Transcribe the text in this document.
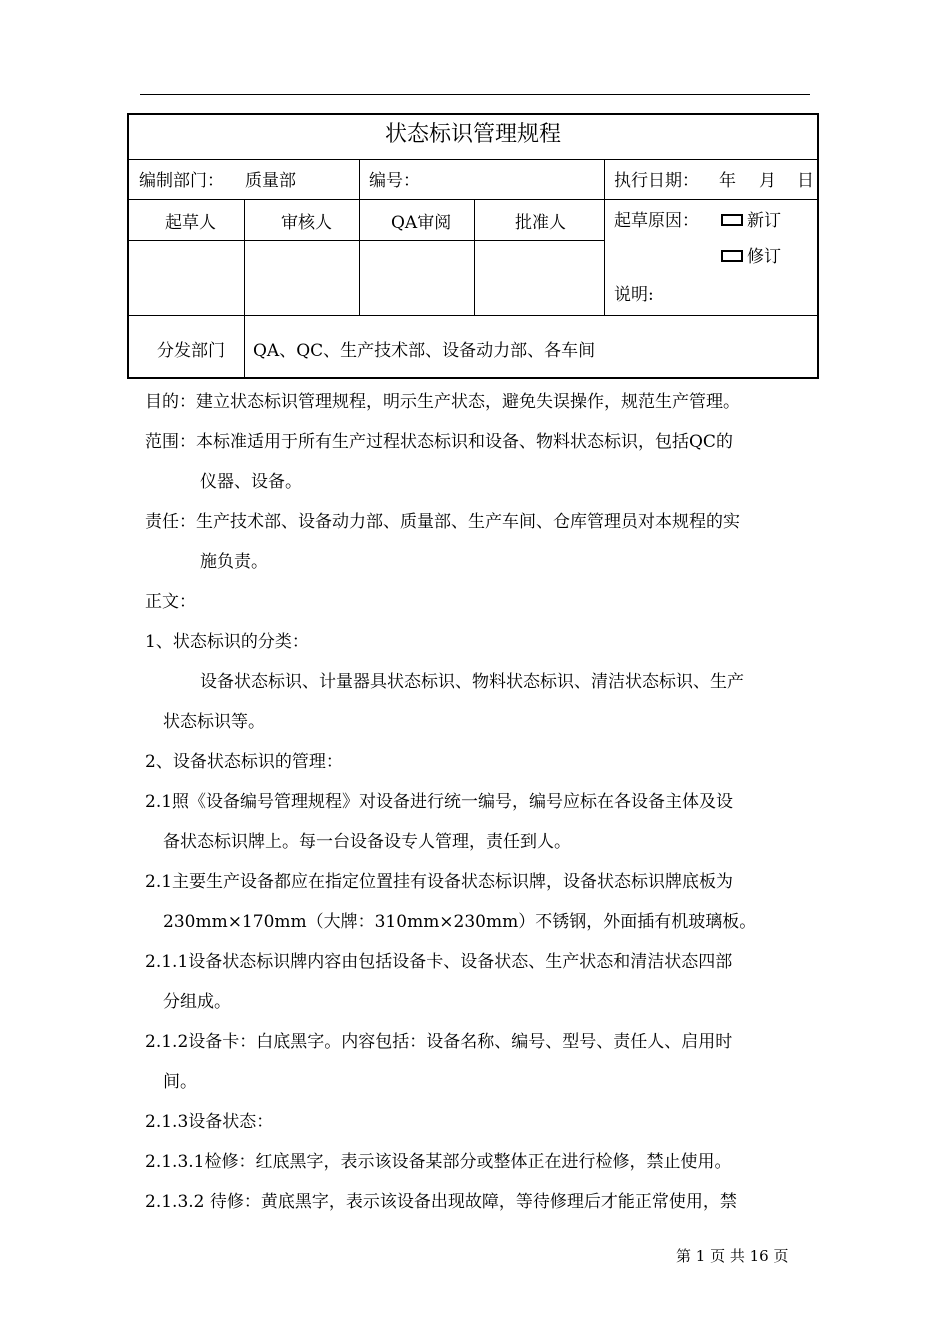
状态标识管理规程
编制部门： 质量部	编号：	执行日期： 年 月 日
起草人	审核人	QA审阅	批准人	起草原因：	新订
修订
说明:
分发部门 QA、QC、生产技术部、设备动力部、各车间
目的：建立状态标识管理规程，明示生产状态，避免失误操作，规范生产管理。
范围：本标准适用于所有生产过程状态标识和设备、物料状态标识，包括QC的
仪器、设备。
责任：生产技术部、设备动力部、质量部、生产车间、仓库管理员对本规程的实
施负责。
正文：
1、状态标识的分类：
设备状态标识、计量器具状态标识、物料状态标识、清洁状态标识、生产
状态标识等。
2、设备状态标识的管理：
2.1照《设备编号管理规程》对设备进行统一编号，编号应标在各设备主体及设
备状态标识牌上。每一台设备设专人管理，责任到人。
2.1主要生产设备都应在指定位置挂有设备状态标识牌，设备状态标识牌底板为
230mm×170mm（大牌：310mm×230mm）不锈钢，外面插有机玻璃板。
2.1.1设备状态标识牌内容由包括设备卡、设备状态、生产状态和清洁状态四部
分组成。
2.1.2设备卡：白底黑字。内容包括：设备名称、编号、型号、责任人、启用时
间。
2.1.3设备状态：
2.1.3.1检修：红底黑字，表示该设备某部分或整体正在进行检修，禁止使用。
2.1.3.2 待修：黄底黑字，表示该设备出现故障，等待修理后才能正常使用，禁
第 1 页 共 16 页
